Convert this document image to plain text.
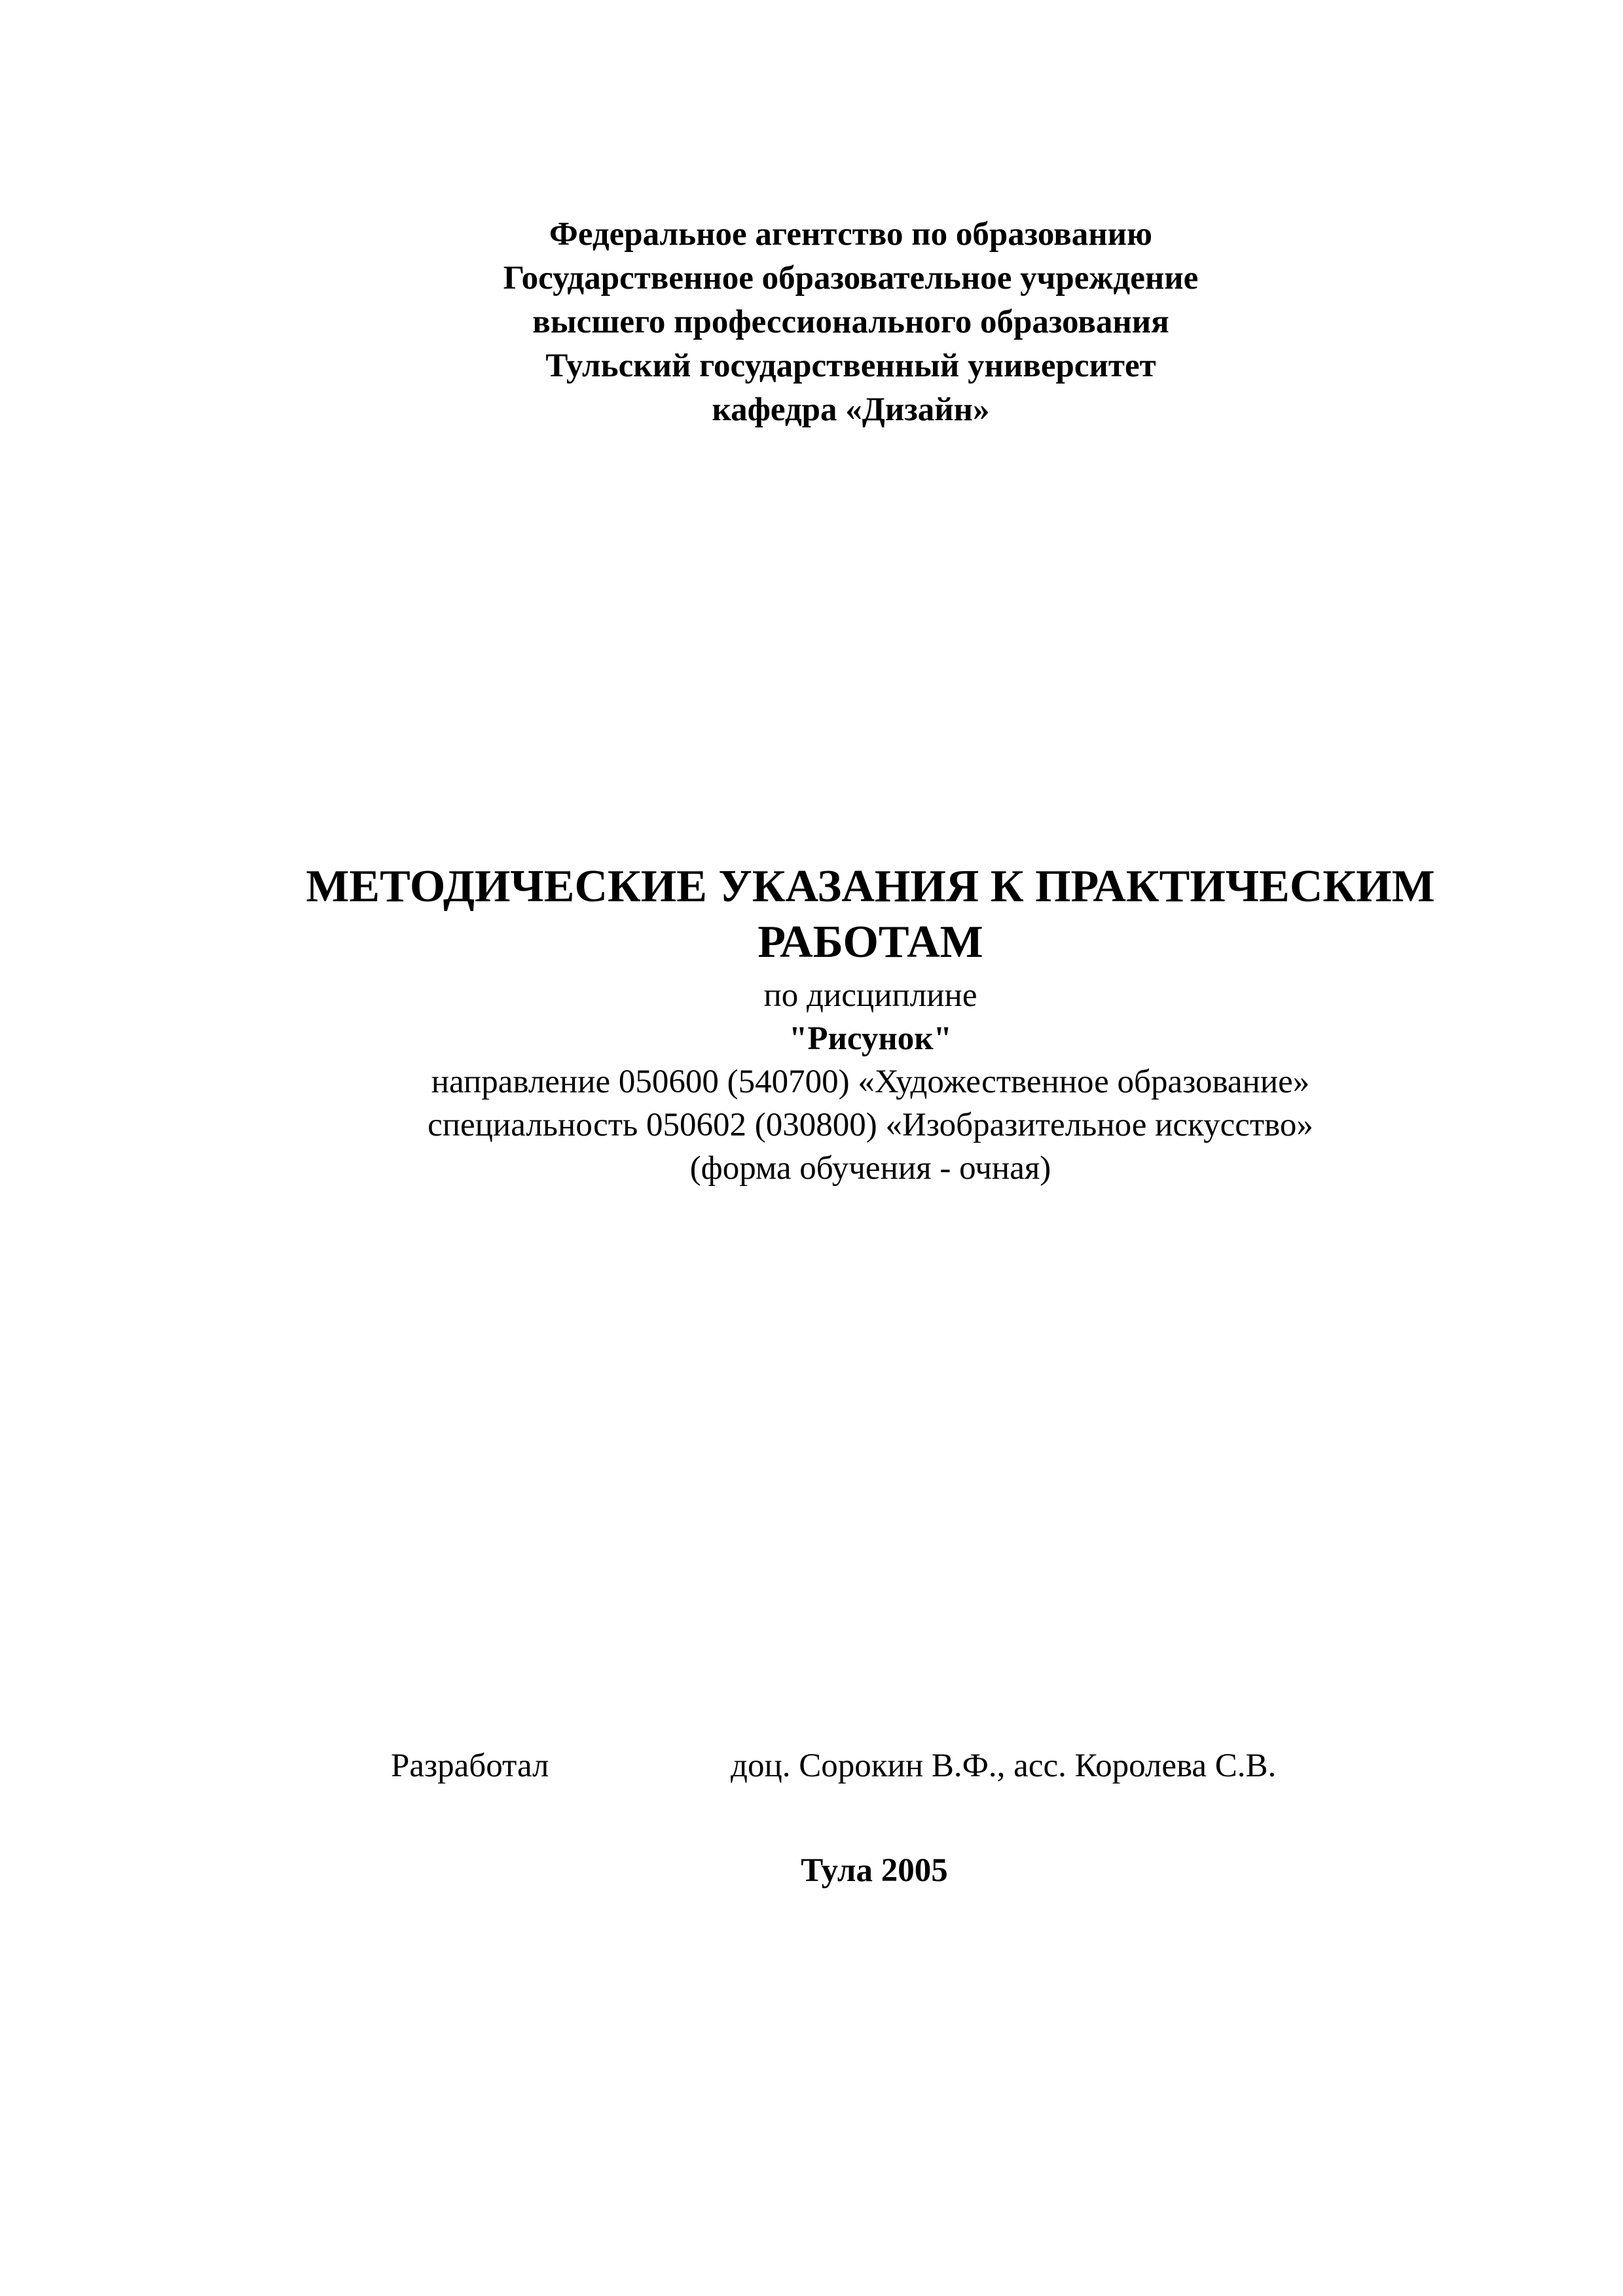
Федеральное агентство по образованию
Государственное образовательное учреждение
высшего профессионального образования
Тульский государственный университет
кафедра «Дизайн»
МЕТОДИЧЕСКИЕ УКАЗАНИЯ К ПРАКТИЧЕСКИМ
РАБОТАМ
по дисциплине
"Рисунок"
направление 050600 (540700) «Художественное образование»
специальность 050602 (030800) «Изобразительное искусство»
(форма обучения - очная)
Разработал	доц. Сорокин В.Ф., асс. Королева С.В.
Тула 2005
